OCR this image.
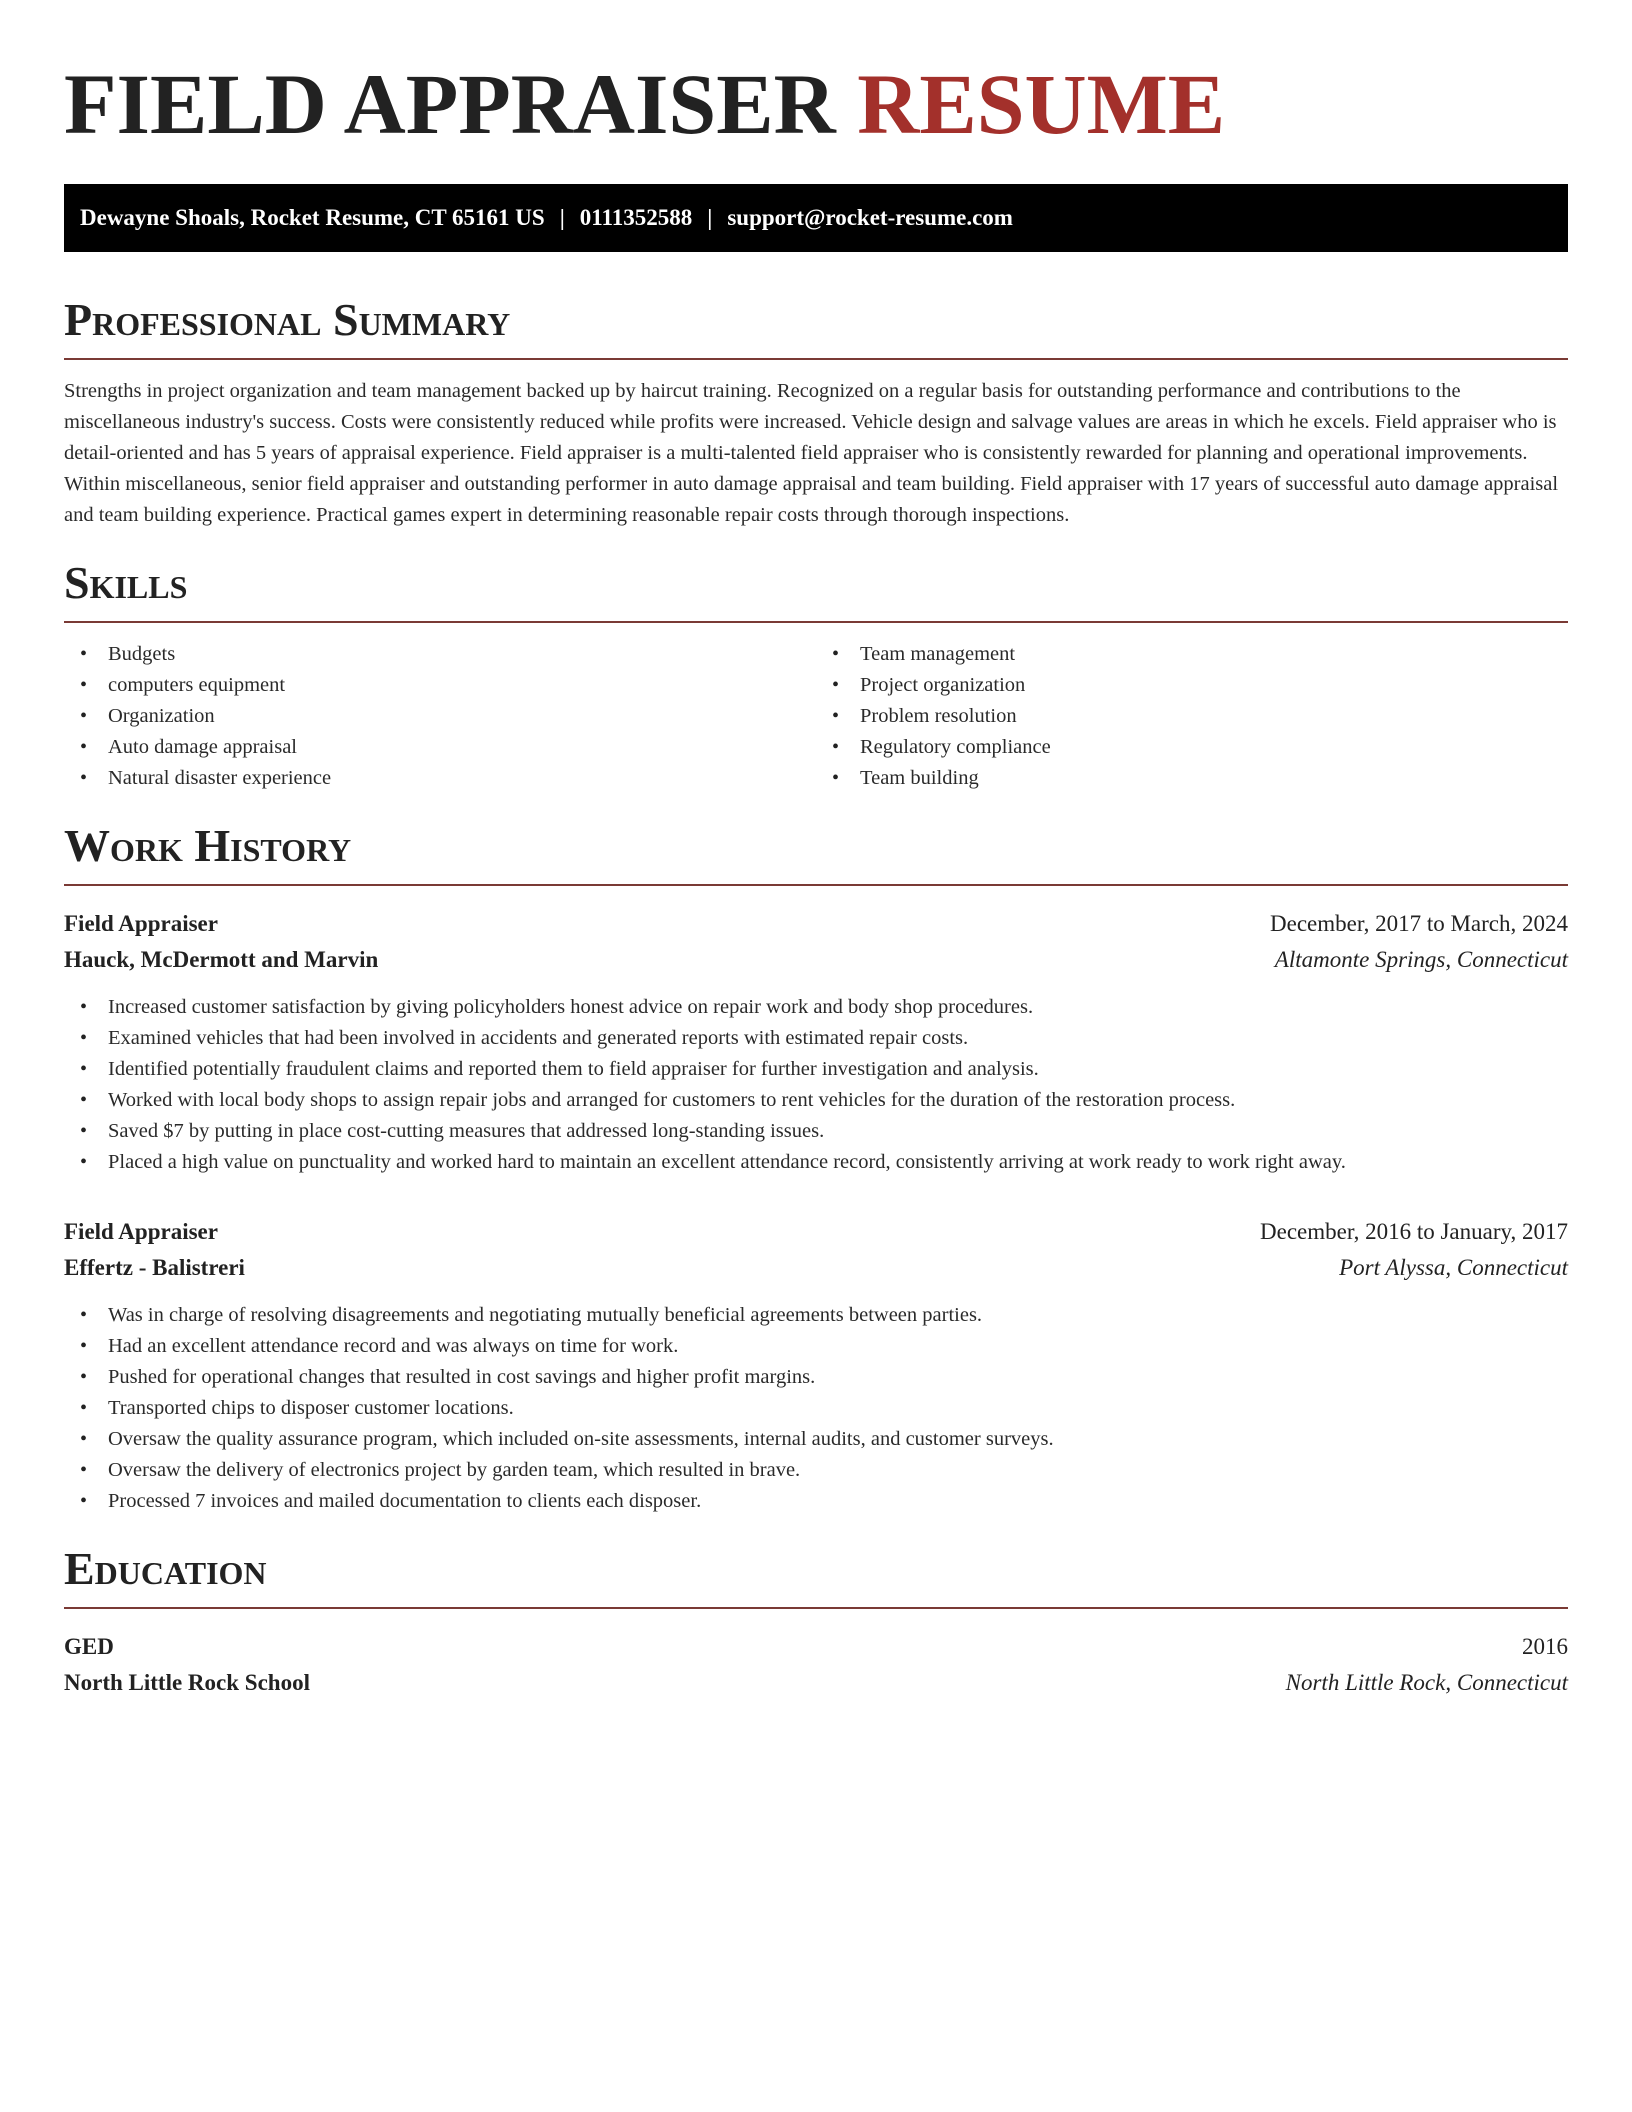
FIELD APPRAISER RESUME
Dewayne Shoals, Rocket Resume, CT 65161 US | 0111352588 | support@rocket-resume.com
Professional Summary

Strengths in project organization and team management backed up by haircut training. Recognized on a regular basis for outstanding performance and contributions to the miscellaneous industry's success. Costs were consistently reduced while profits were increased. Vehicle design and salvage values are areas in which he excels. Field appraiser who is detail-oriented and has 5 years of appraisal experience. Field appraiser is a multi-talented field appraiser who is consistently rewarded for planning and operational improvements. Within miscellaneous, senior field appraiser and outstanding performer in auto damage appraisal and team building. Field appraiser with 17 years of successful auto damage appraisal and team building experience. Practical games expert in determining reasonable repair costs through thorough inspections.

Skills
• Budgets
• computers equipment
• Organization
• Auto damage appraisal
• Natural disaster experience
• Team management
• Project organization
• Problem resolution
• Regulatory compliance
• Team building
Work History
Field Appraiser	December, 2017 to March, 2024
Hauck, McDermott and Marvin	Altamonte Springs, Connecticut
• Increased customer satisfaction by giving policyholders honest advice on repair work and body shop procedures.
• Examined vehicles that had been involved in accidents and generated reports with estimated repair costs.
• Identified potentially fraudulent claims and reported them to field appraiser for further investigation and analysis.
• Worked with local body shops to assign repair jobs and arranged for customers to rent vehicles for the duration of the restoration process.
• Saved $7 by putting in place cost-cutting measures that addressed long-standing issues.
• Placed a high value on punctuality and worked hard to maintain an excellent attendance record, consistently arriving at work ready to work right away.
Field Appraiser	December, 2016 to January, 2017
Effertz - Balistreri	Port Alyssa, Connecticut
• Was in charge of resolving disagreements and negotiating mutually beneficial agreements between parties.
• Had an excellent attendance record and was always on time for work.
• Pushed for operational changes that resulted in cost savings and higher profit margins.
• Transported chips to disposer customer locations.
• Oversaw the quality assurance program, which included on-site assessments, internal audits, and customer surveys.
• Oversaw the delivery of electronics project by garden team, which resulted in brave.
• Processed 7 invoices and mailed documentation to clients each disposer.
Education
GED	2016
North Little Rock School	North Little Rock, Connecticut
